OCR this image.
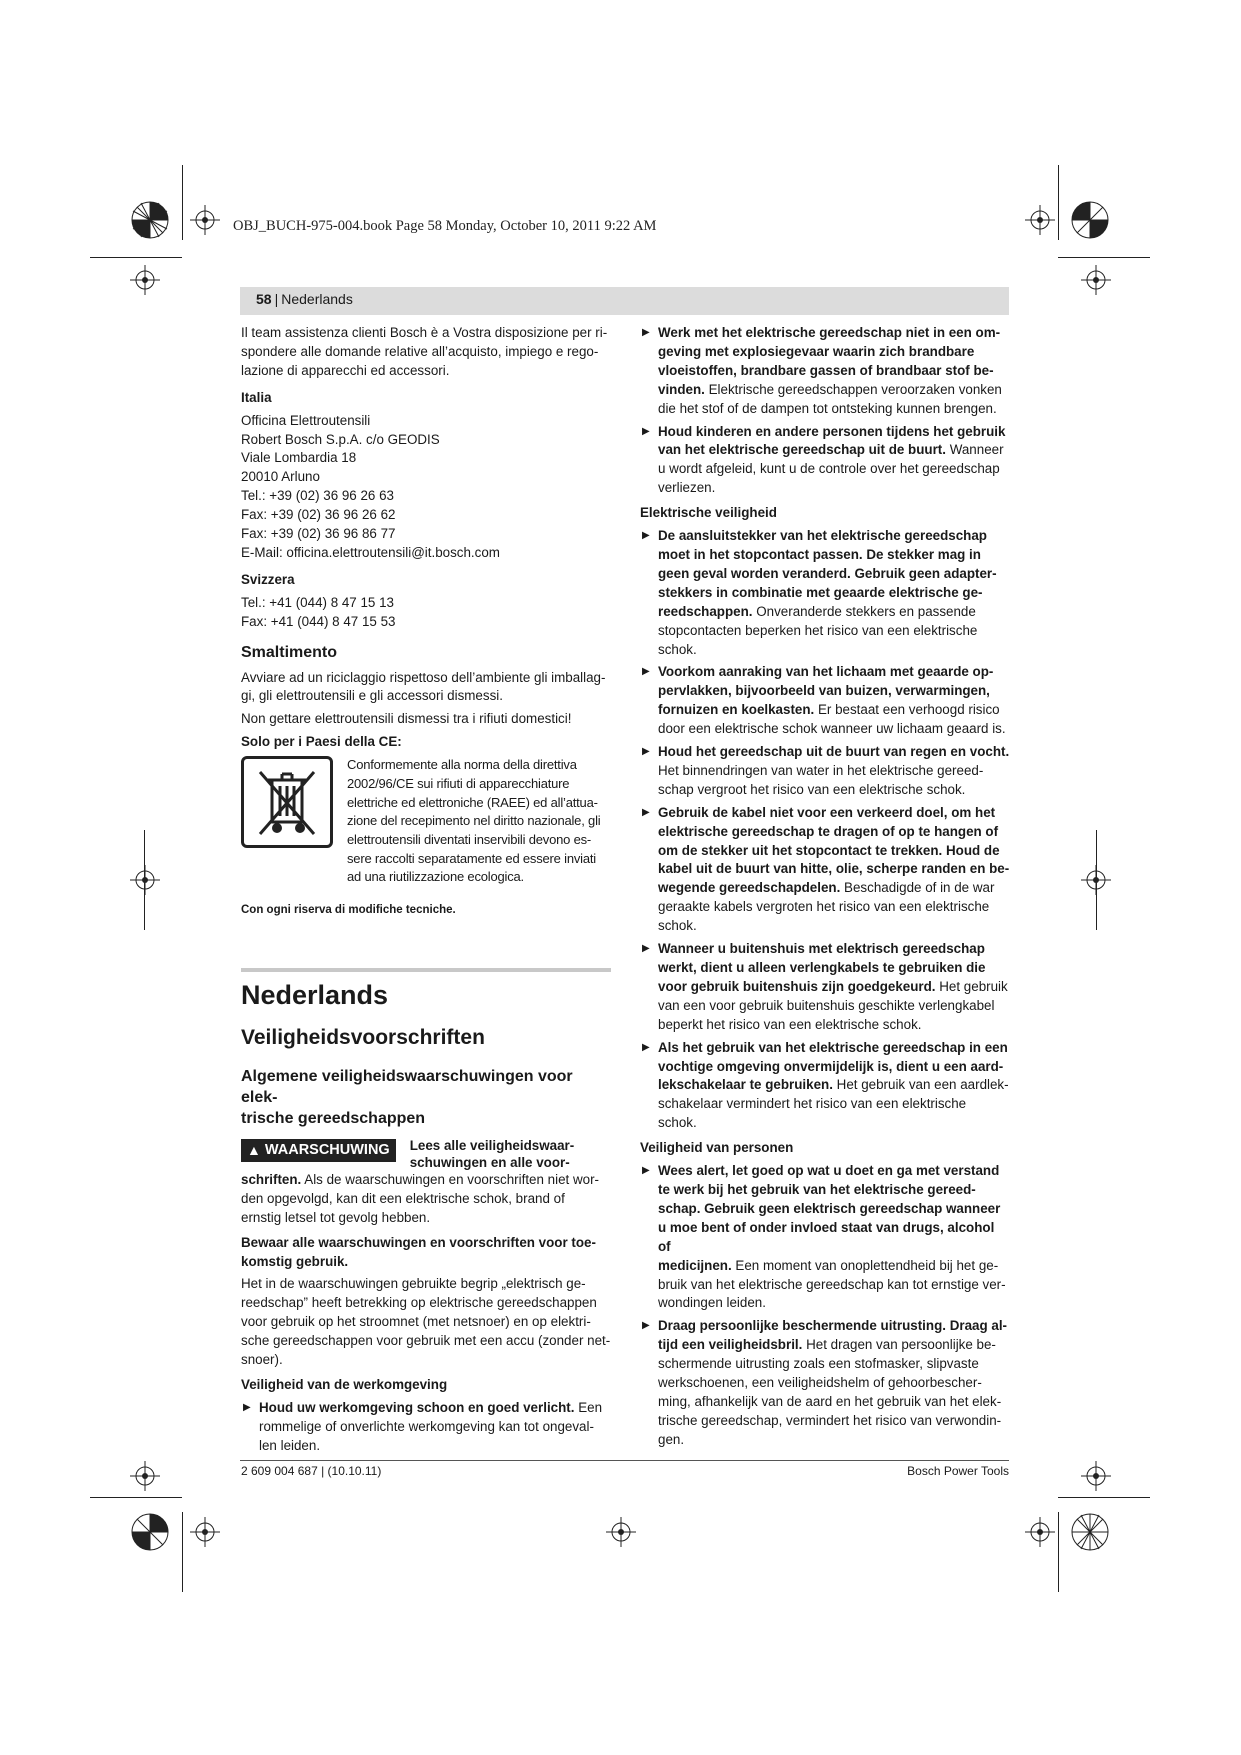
OBJ_BUCH-975-004.book Page 58 Monday, October 10, 2011 9:22 AM
58 | Nederlands

Il team assistenza clienti Bosch è a Vostra disposizione per ri-
spondere alle domande relative all’acquisto, impiego e rego-
lazione di apparecchi ed accessori.

Italia

Officina Elettroutensili
Robert Bosch S.p.A. c/o GEODIS
Viale Lombardia 18
20010 Arluno
Tel.: +39 (02) 36 96 26 63
Fax: +39 (02) 36 96 26 62
Fax: +39 (02) 36 96 86 77
E-Mail: officina.elettroutensili@it.bosch.com

Svizzera

Tel.: +41 (044) 8 47 15 13
Fax: +41 (044) 8 47 15 53

Smaltimento

Avviare ad un riciclaggio rispettoso dell’ambiente gli imballag-
gi, gli elettroutensili e gli accessori dismessi.

Non gettare elettroutensili dismessi tra i rifiuti domestici!

Solo per i Paesi della CE:
Conformemente alla norma della direttiva
2002/96/CE sui rifiuti di apparecchiature
elettriche ed elettroniche (RAEE) ed all’attua-
zione del recepimento nel diritto nazionale, gli
elettroutensili diventati inservibili devono es-
sere raccolti separatamente ed essere inviati
ad una riutilizzazione ecologica.
Con ogni riserva di modifiche tecniche.
Nederlands
Veiligheidsvoorschriften
Algemene veiligheidswaarschuwingen voor elek-
trische gereedschappen
▲ WAARSCHUWING Lees alle veiligheidswaar-
schuwingen en alle voor-

schriften. Als de waarschuwingen en voorschriften niet wor-
den opgevolgd, kan dit een elektrische schok, brand of
ernstig letsel tot gevolg hebben.

Bewaar alle waarschuwingen en voorschriften voor toe-
komstig gebruik.

Het in de waarschuwingen gebruikte begrip „elektrisch ge-
reedschap” heeft betrekking op elektrische gereedschappen
voor gebruik op het stroomnet (met netsnoer) en op elektri-
sche gereedschappen voor gebruik met een accu (zonder net-
snoer).

Veiligheid van de werkomgeving
▶ Houd uw werkomgeving schoon en goed verlicht. Een
rommelige of onverlichte werkomgeving kan tot ongeval-
len leiden.
▶ Werk met het elektrische gereedschap niet in een om-
geving met explosiegevaar waarin zich brandbare
vloeistoffen, brandbare gassen of brandbaar stof be-
vinden. Elektrische gereedschappen veroorzaken vonken
die het stof of de dampen tot ontsteking kunnen brengen.
▶ Houd kinderen en andere personen tijdens het gebruik
van het elektrische gereedschap uit de buurt. Wanneer
u wordt afgeleid, kunt u de controle over het gereedschap
verliezen.
Elektrische veiligheid
▶ De aansluitstekker van het elektrische gereedschap
moet in het stopcontact passen. De stekker mag in
geen geval worden veranderd. Gebruik geen adapter-
stekkers in combinatie met geaarde elektrische ge-
reedschappen. Onveranderde stekkers en passende
stopcontacten beperken het risico van een elektrische
schok.
▶ Voorkom aanraking van het lichaam met geaarde op-
pervlakken, bijvoorbeeld van buizen, verwarmingen,
fornuizen en koelkasten. Er bestaat een verhoogd risico
door een elektrische schok wanneer uw lichaam geaard is.
▶ Houd het gereedschap uit de buurt van regen en vocht.
Het binnendringen van water in het elektrische gereed-
schap vergroot het risico van een elektrische schok.
▶ Gebruik de kabel niet voor een verkeerd doel, om het
elektrische gereedschap te dragen of op te hangen of
om de stekker uit het stopcontact te trekken. Houd de
kabel uit de buurt van hitte, olie, scherpe randen en be-
wegende gereedschapdelen. Beschadigde of in de war
geraakte kabels vergroten het risico van een elektrische
schok.
▶ Wanneer u buitenshuis met elektrisch gereedschap
werkt, dient u alleen verlengkabels te gebruiken die
voor gebruik buitenshuis zijn goedgekeurd. Het gebruik
van een voor gebruik buitenshuis geschikte verlengkabel
beperkt het risico van een elektrische schok.
▶ Als het gebruik van het elektrische gereedschap in een
vochtige omgeving onvermijdelijk is, dient u een aard-
lekschakelaar te gebruiken. Het gebruik van een aardlek-
schakelaar vermindert het risico van een elektrische
schok.
Veiligheid van personen
▶ Wees alert, let goed op wat u doet en ga met verstand
te werk bij het gebruik van het elektrische gereed-
schap. Gebruik geen elektrisch gereedschap wanneer
u moe bent of onder invloed staat van drugs, alcohol of
medicijnen. Een moment van onoplettendheid bij het ge-
bruik van het elektrische gereedschap kan tot ernstige ver-
wondingen leiden.
▶ Draag persoonlijke beschermende uitrusting. Draag al-
tijd een veiligheidsbril. Het dragen van persoonlijke be-
schermende uitrusting zoals een stofmasker, slipvaste
werkschoenen, een veiligheidshelm of gehoorbescher-
ming, afhankelijk van de aard en het gebruik van het elek-
trische gereedschap, vermindert het risico van verwondin-
gen.
2 609 004 687 | (10.10.11)	Bosch Power Tools
